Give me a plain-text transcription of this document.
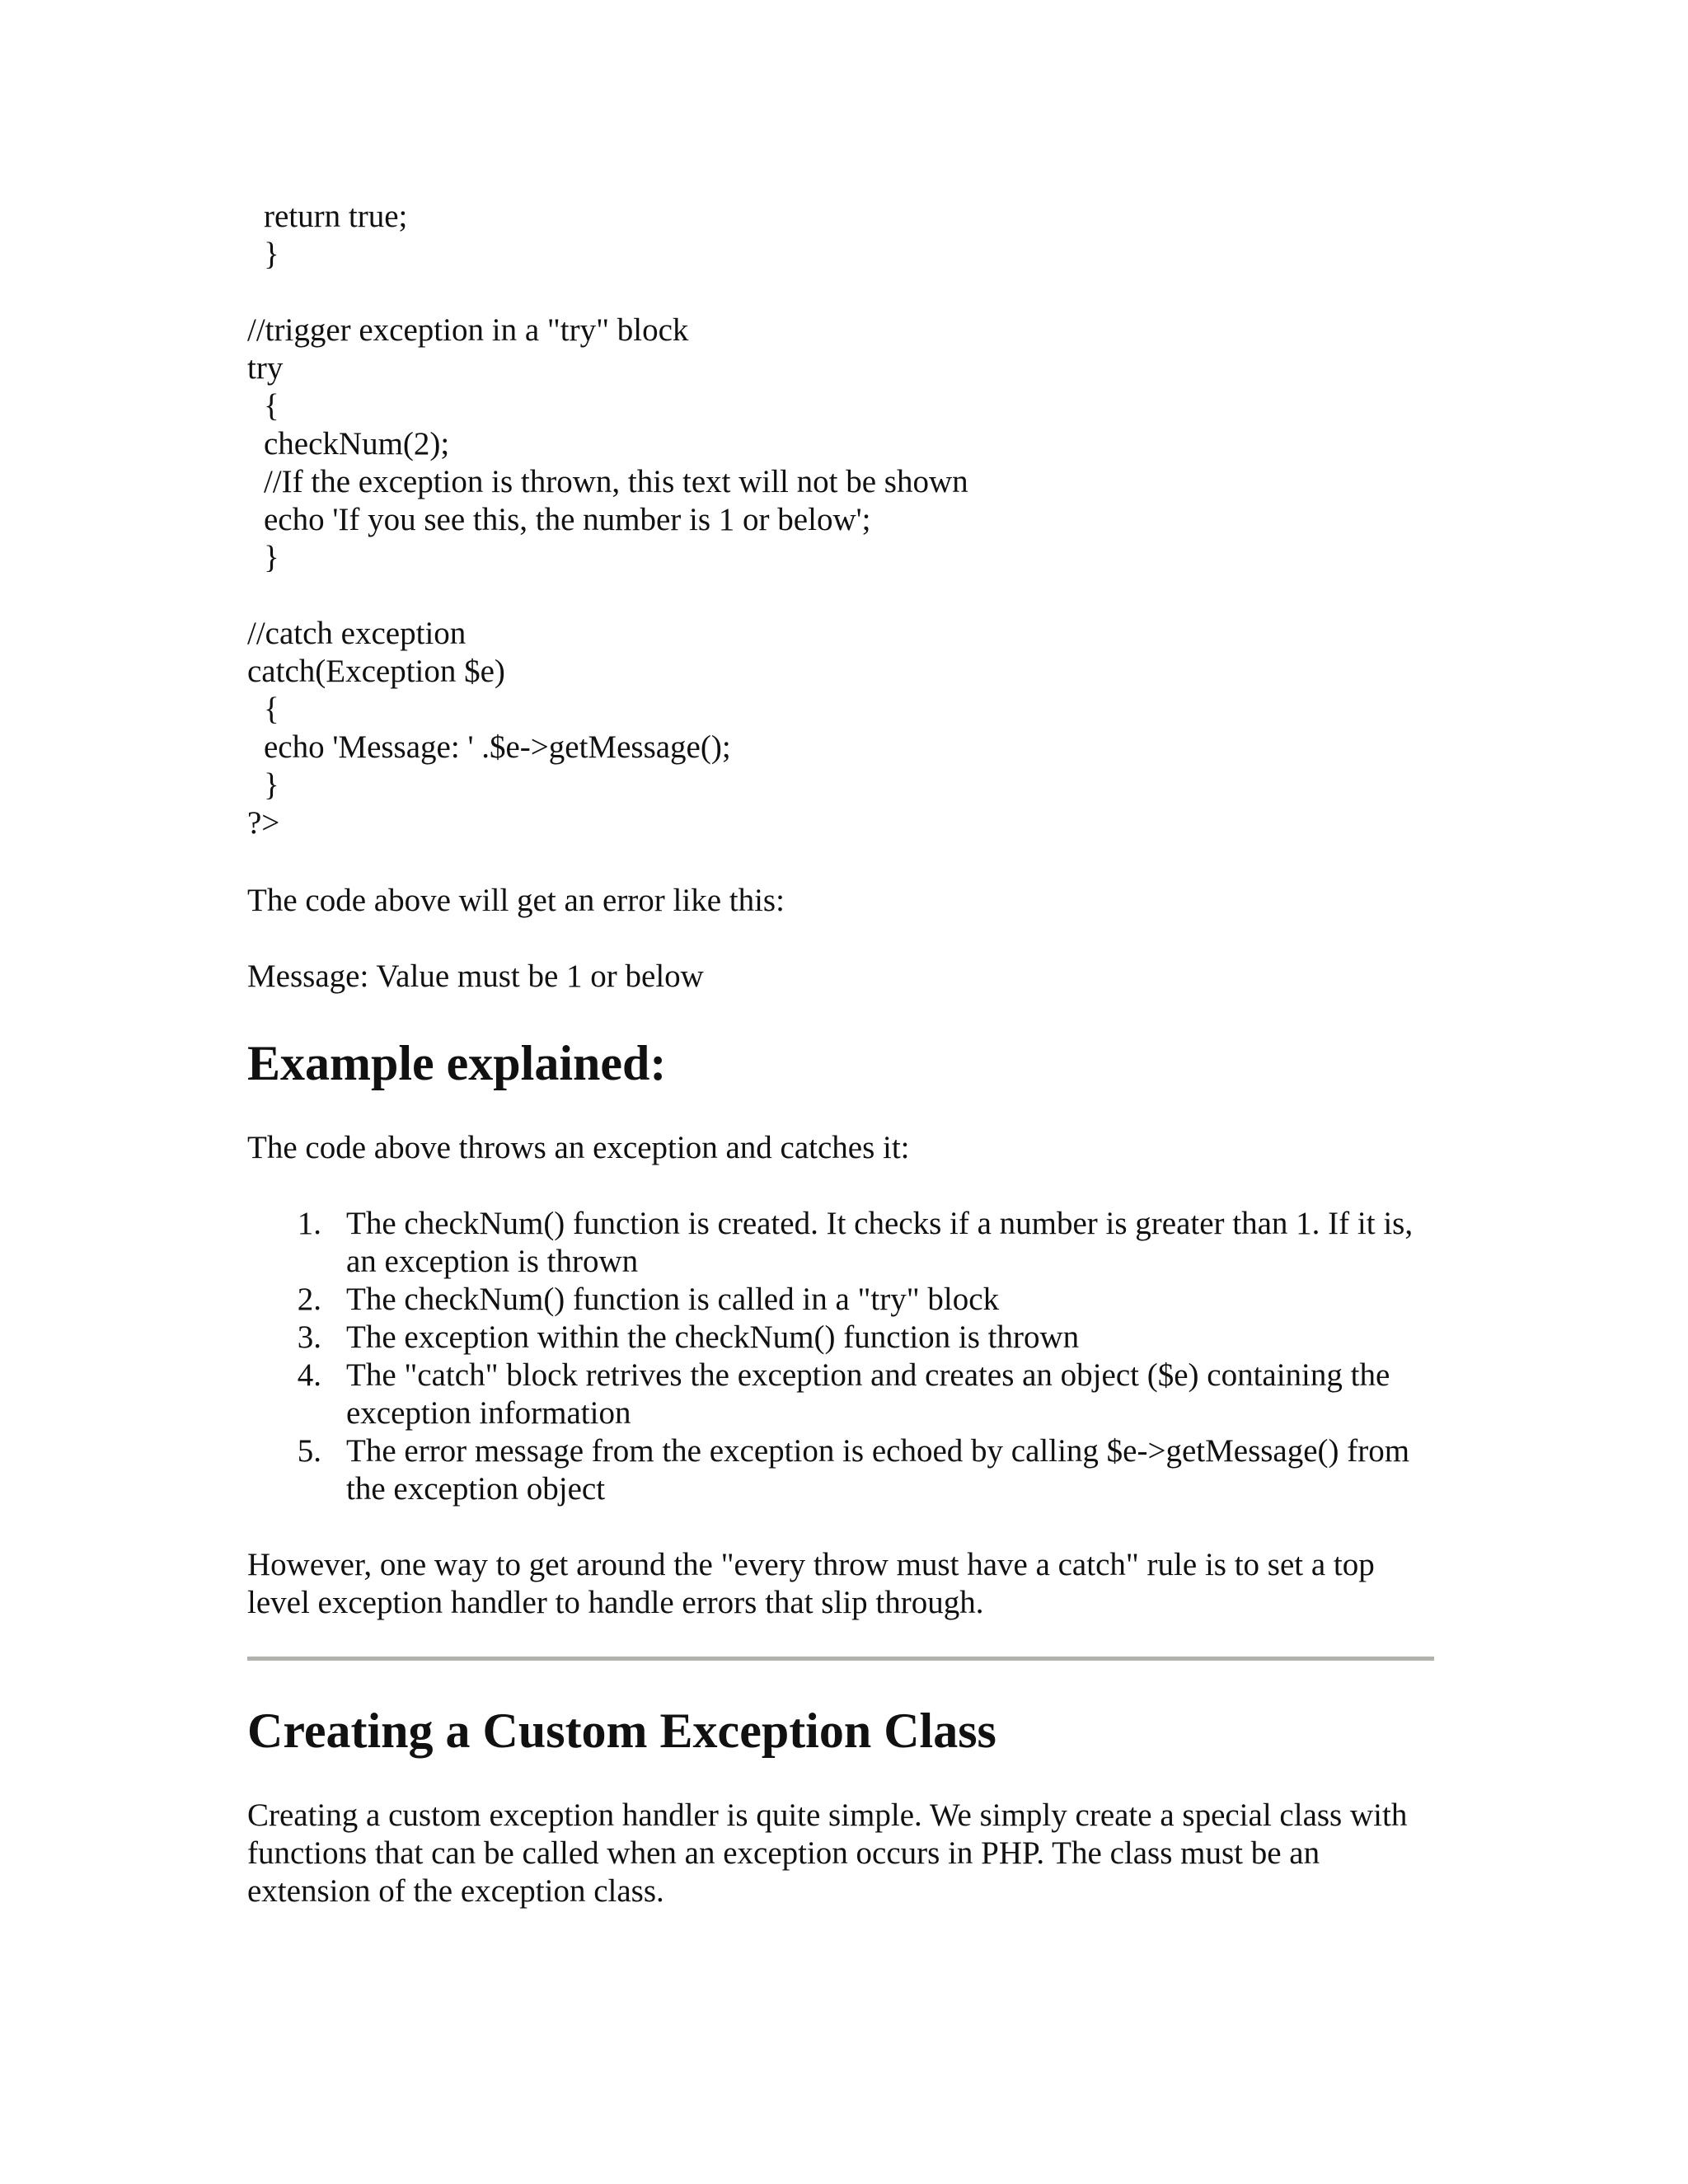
return true;
}
//trigger exception in a "try" block
try
{
checkNum(2);
//If the exception is thrown, this text will not be shown
echo 'If you see this, the number is 1 or below';
}
//catch exception
catch(Exception $e)
{
echo 'Message: ' .$e->getMessage();
}
?>
The code above will get an error like this:
Message: Value must be 1 or below
Example explained:
The code above throws an exception and catches it:
1. The checkNum() function is created. It checks if a number is greater than 1. If it is, an exception is thrown
2. The checkNum() function is called in a "try" block
3. The exception within the checkNum() function is thrown
4. The "catch" block retrives the exception and creates an object ($e) containing the exception information
5. The error message from the exception is echoed by calling $e->getMessage() from the exception object
However, one way to get around the "every throw must have a catch" rule is to set a top level exception handler to handle errors that slip through.
Creating a Custom Exception Class
Creating a custom exception handler is quite simple. We simply create a special class with functions that can be called when an exception occurs in PHP. The class must be an extension of the exception class.
